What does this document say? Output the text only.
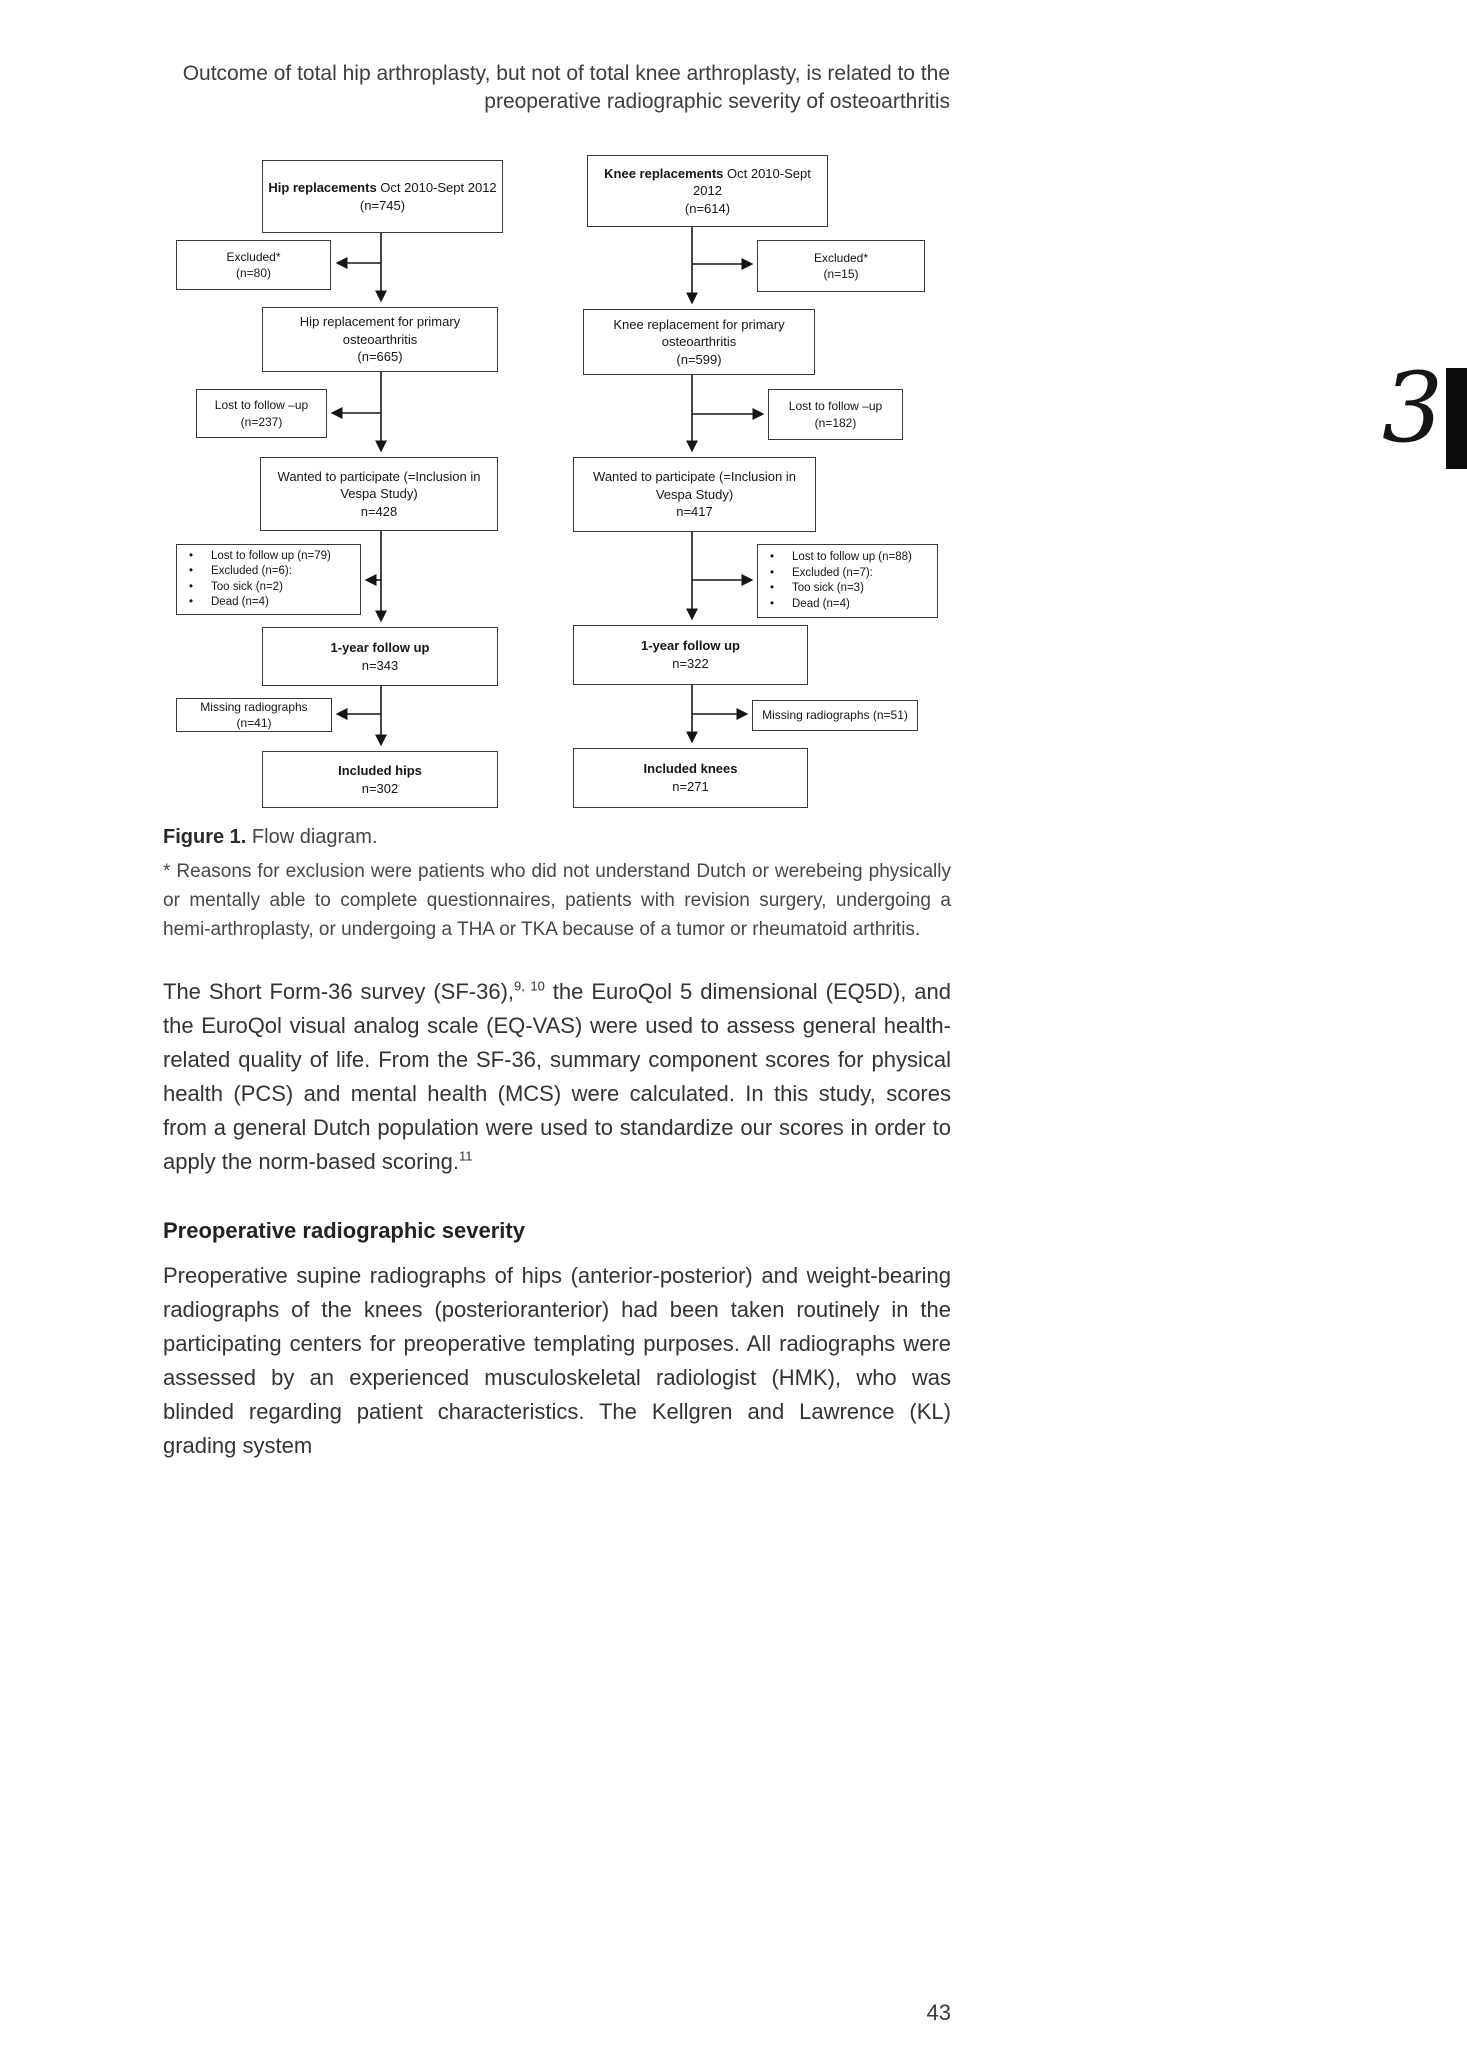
Outcome of total hip arthroplasty, but not of total knee arthroplasty, is related to the
preoperative radiographic severity of osteoarthritis
Hip replacements Oct 2010-Sept 2012
(n=745)
Excluded*
(n=80)
Hip replacement for primary
osteoarthritis
(n=665)
Lost to follow –up
(n=237)
Wanted to participate (=Inclusion in
Vespa Study)
n=428
• Lost to follow up (n=79)
• Excluded (n=6):
• Too sick (n=2)
• Dead (n=4)
1-year follow up
n=343
Missing radiographs (n=41)
Included hips
n=302
Knee replacements Oct 2010-Sept 2012
(n=614)
Excluded*
(n=15)
Knee replacement for primary
osteoarthritis
(n=599)
Lost to follow –up
(n=182)
Wanted to participate (=Inclusion in
Vespa Study)
n=417
• Lost to follow up (n=88)
• Excluded (n=7):
• Too sick (n=3)
• Dead (n=4)
1-year follow up
n=322
Missing radiographs (n=51)
Included knees
n=271
Figure 1. Flow diagram.
* Reasons for exclusion were patients who did not understand Dutch or werebeing physically or mentally able to complete questionnaires, patients with revision surgery, undergoing a hemi-arthroplasty, or undergoing a THA or TKA because of a tumor or rheumatoid arthritis.

The Short Form-36 survey (SF-36),$^{9, 10}$ the EuroQol 5 dimensional (EQ5D), and the EuroQol visual analog scale (EQ-VAS) were used to assess general health-related quality of life. From the SF-36, summary component scores for physical health (PCS) and mental health (MCS) were calculated. In this study, scores from a general Dutch population were used to standardize our scores in order to apply the norm-based scoring.$^{11}$

Preoperative radiographic severity

Preoperative supine radiographs of hips (anterior-posterior) and weight-bearing radiographs of the knees (posterioranterior) had been taken routinely in the participating centers for preoperative templating purposes. All radiographs were assessed by an experienced musculoskeletal radiologist (HMK), who was blinded regarding patient characteristics. The Kellgren and Lawrence (KL) grading system

3
43
